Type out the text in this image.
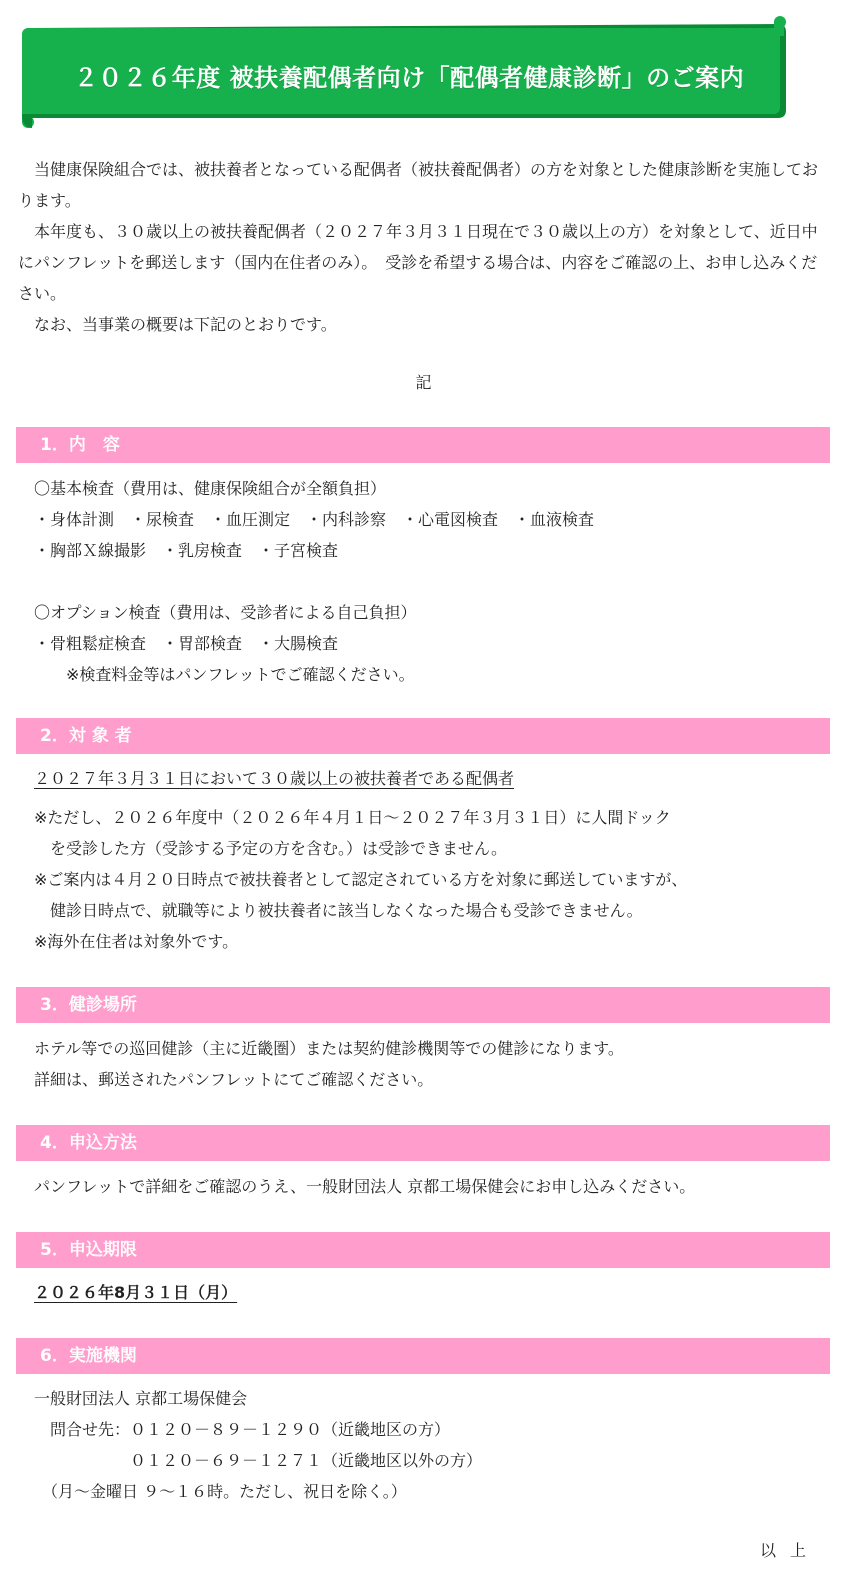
２０２６年度 被扶養配偶者向け「配偶者健康診断」のご案内

当健康保険組合では、被扶養者となっている配偶者（被扶養配偶者）の方を対象とした健康診断を実施しております。

本年度も、３０歳以上の被扶養配偶者（２０２７年３月３１日現在で３０歳以上の方）を対象として、近日中にパンフレットを郵送します（国内在住者のみ）。　受診を希望する場合は、内容をご確認の上、お申し込みください。

なお、当事業の概要は下記のとおりです。

記
1．内　容

〇基本検査（費用は、健康保険組合が全額負担）

・身体計測　・尿検査　・血圧測定　・内科診察　・心電図検査　・血液検査

・胸部Ｘ線撮影　・乳房検査　・子宮検査

〇オプション検査（費用は、受診者による自己負担）

・骨粗鬆症検査　・胃部検査　・大腸検査

　　※検査料金等はパンフレットでご確認ください。

2．対 象 者

２０２７年３月３１日において３０歳以上の被扶養者である配偶者

※ただし、２０２６年度中（２０２６年４月１日～２０２７年３月３１日）に人間ドック

　を受診した方（受診する予定の方を含む。）は受診できません。

※ご案内は４月２０日時点で被扶養者として認定されている方を対象に郵送していますが、

　健診日時点で、就職等により被扶養者に該当しなくなった場合も受診できません。

※海外在住者は対象外です。

3．健診場所

ホテル等での巡回健診（主に近畿圏）または契約健診機関等での健診になります。

詳細は、郵送されたパンフレットにてご確認ください。

4．申込方法

パンフレットで詳細をご確認のうえ、一般財団法人 京都工場保健会にお申し込みください。

5．申込期限

２０２６年8月３１日（月）

6．実施機関

一般財団法人 京都工場保健会

　問合せ先：０１２０－８９－１２９０（近畿地区の方）

　　　　　　０１２０－６９－１２７１（近畿地区以外の方）

　（月～金曜日 ９～１６時。ただし、祝日を除く。）

以上
